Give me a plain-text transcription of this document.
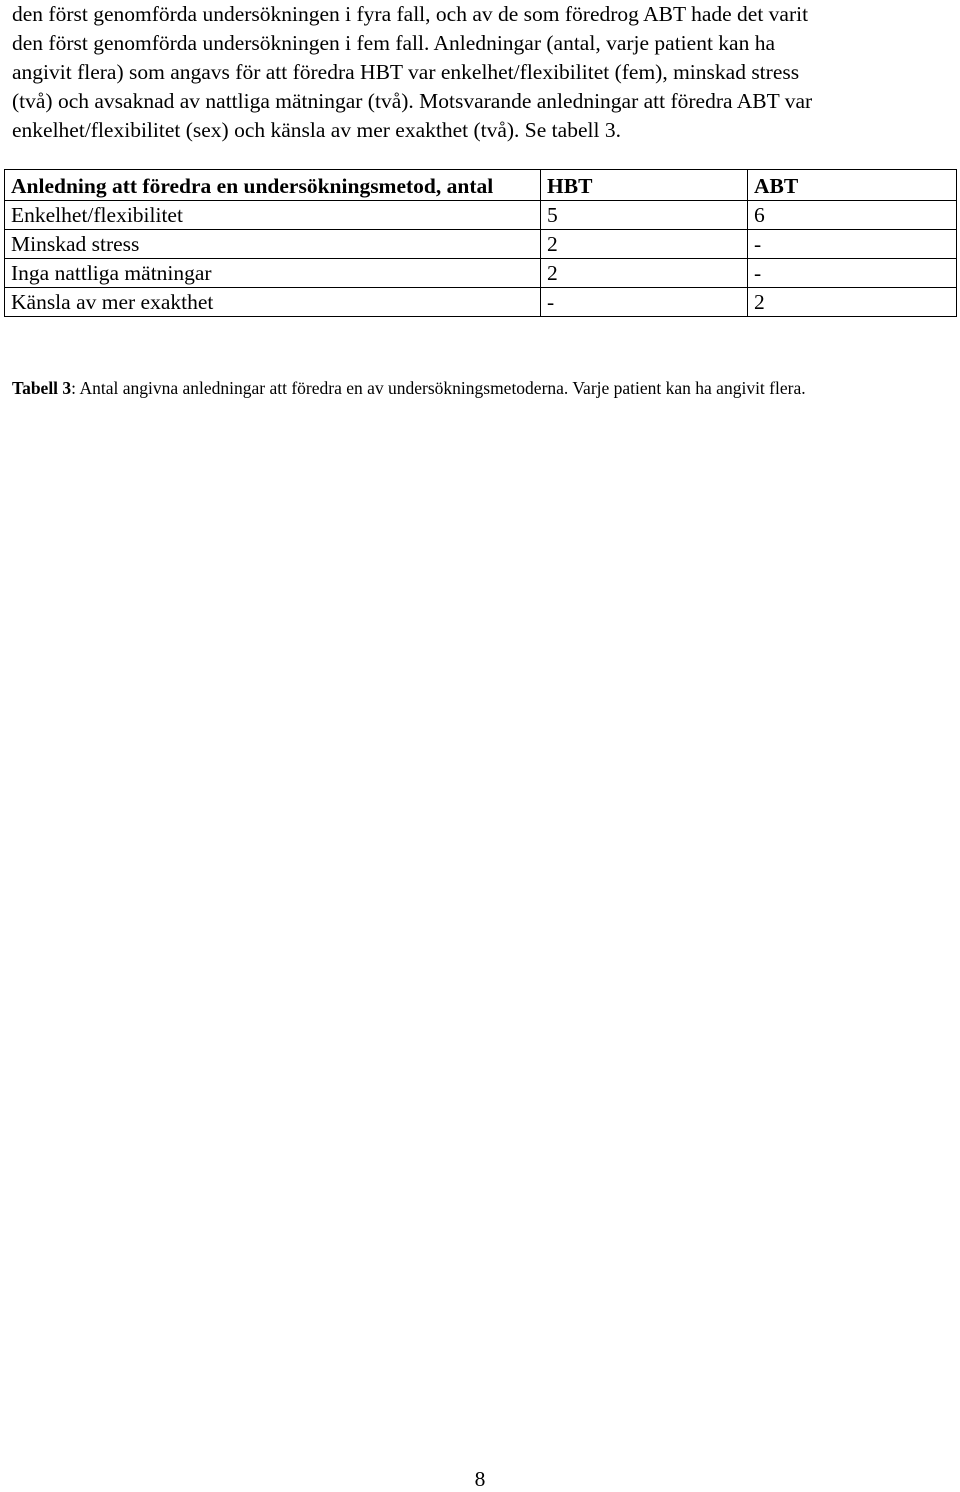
den först genomförda undersökningen i fyra fall, och av de som föredrog ABT hade det varit
den först genomförda undersökningen i fem fall. Anledningar (antal, varje patient kan ha
angivit flera) som angavs för att föredra HBT var enkelhet/flexibilitet (fem), minskad stress
(två) och avsaknad av nattliga mätningar (två). Motsvarande anledningar att föredra ABT var
enkelhet/flexibilitet (sex) och känsla av mer exakthet (två). Se tabell 3.
Anledning att föredra en undersökningsmetod, antal	HBT	ABT
Enkelhet/flexibilitet	5	6
Minskad stress	2	-
Inga nattliga mätningar	2	-
Känsla av mer exakthet	-	2

Tabell 3: Antal angivna anledningar att föredra en av undersökningsmetoderna. Varje patient kan ha angivit flera.

8
